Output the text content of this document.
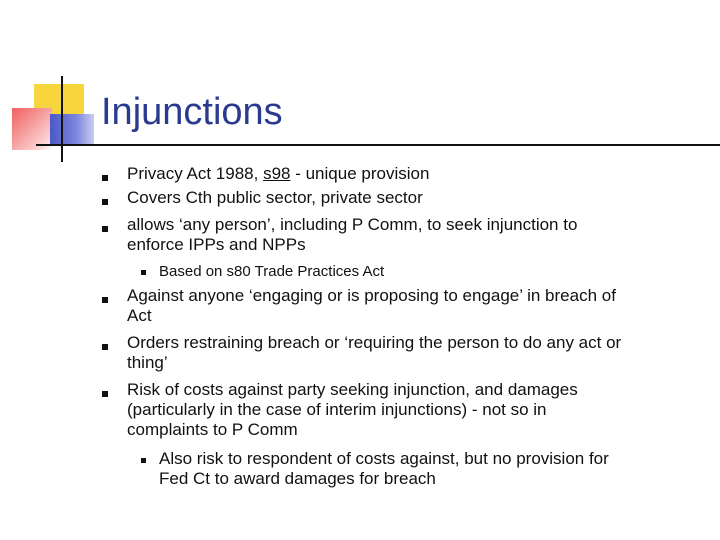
Injunctions
Privacy Act 1988, s98 - unique provision
Covers Cth public sector, private sector
allows ‘any person’, including P Comm, to seek injunction to
enforce IPPs and NPPs
Based on s80 Trade Practices Act
Against anyone ‘engaging or is proposing to engage’ in breach of
Act
Orders restraining breach or ‘requiring the person to do any act or
thing’
Risk of costs against party seeking injunction, and damages
(particularly in the case of interim injunctions) - not so in
complaints to P Comm
Also risk to respondent of costs against, but no provision for
Fed Ct to award damages for breach
